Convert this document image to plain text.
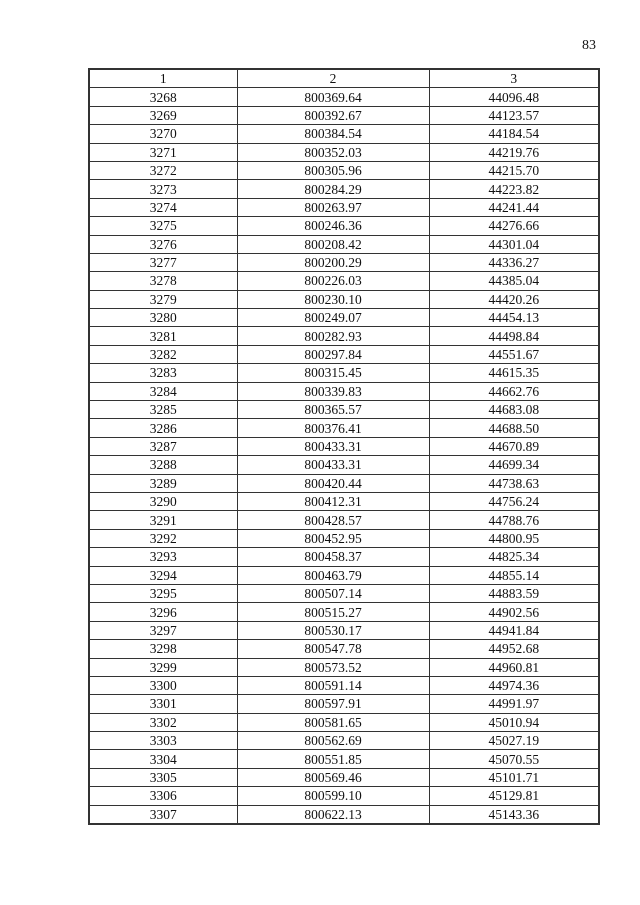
83
1	2	3
3268	800369.64	44096.48
3269	800392.67	44123.57
3270	800384.54	44184.54
3271	800352.03	44219.76
3272	800305.96	44215.70
3273	800284.29	44223.82
3274	800263.97	44241.44
3275	800246.36	44276.66
3276	800208.42	44301.04
3277	800200.29	44336.27
3278	800226.03	44385.04
3279	800230.10	44420.26
3280	800249.07	44454.13
3281	800282.93	44498.84
3282	800297.84	44551.67
3283	800315.45	44615.35
3284	800339.83	44662.76
3285	800365.57	44683.08
3286	800376.41	44688.50
3287	800433.31	44670.89
3288	800433.31	44699.34
3289	800420.44	44738.63
3290	800412.31	44756.24
3291	800428.57	44788.76
3292	800452.95	44800.95
3293	800458.37	44825.34
3294	800463.79	44855.14
3295	800507.14	44883.59
3296	800515.27	44902.56
3297	800530.17	44941.84
3298	800547.78	44952.68
3299	800573.52	44960.81
3300	800591.14	44974.36
3301	800597.91	44991.97
3302	800581.65	45010.94
3303	800562.69	45027.19
3304	800551.85	45070.55
3305	800569.46	45101.71
3306	800599.10	45129.81
3307	800622.13	45143.36
